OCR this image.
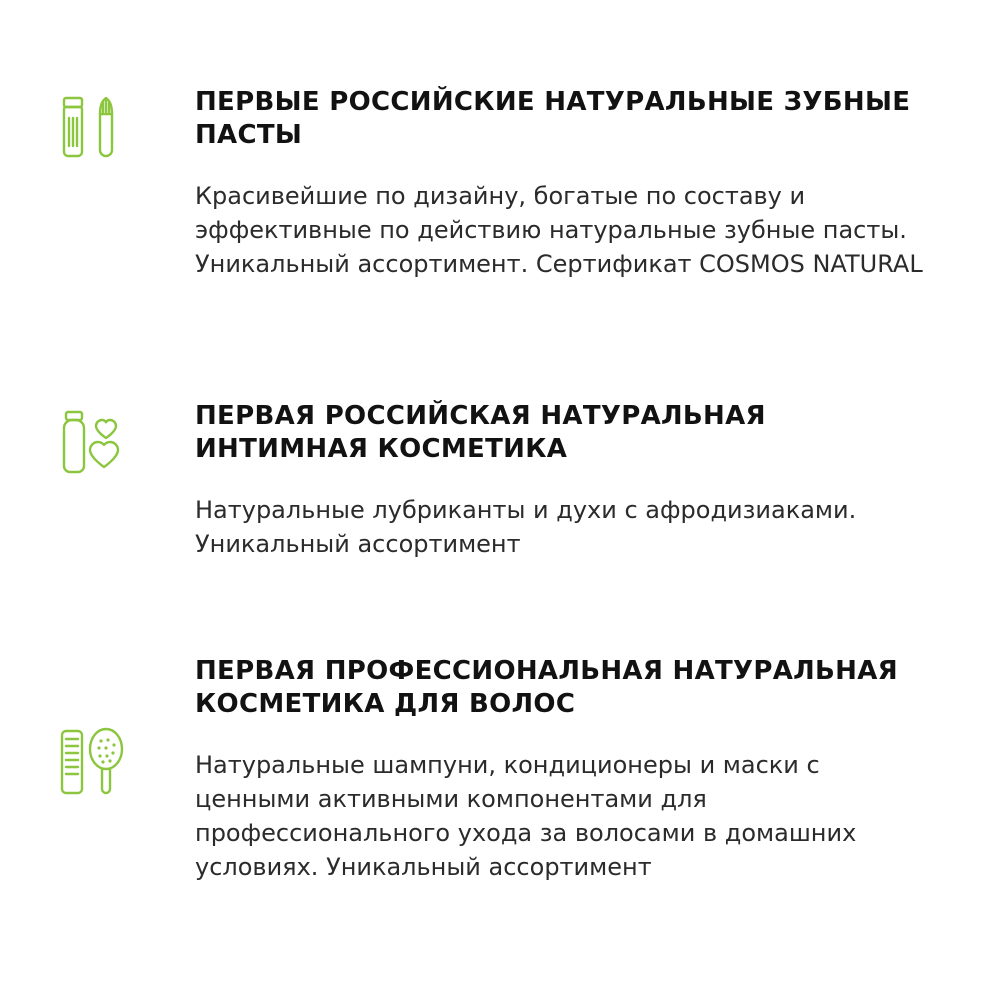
ПЕРВЫЕ РОССИЙСКИЕ НАТУРАЛЬНЫЕ ЗУБНЫЕ ПАСТЫ

Красивейшие по дизайну, богатые по составу и эффективные по действию натуральные зубные пасты. Уникальный ассортимент. Сертификат COSMOS NATURAL

ПЕРВАЯ РОССИЙСКАЯ НАТУРАЛЬНАЯ ИНТИМНАЯ КОСМЕТИКА

Натуральные лубриканты и духи с афродизиаками. Уникальный ассортимент

ПЕРВАЯ ПРОФЕССИОНАЛЬНАЯ НАТУРАЛЬНАЯ КОСМЕТИКА ДЛЯ ВОЛОС

Натуральные шампуни, кондиционеры и маски с ценными активными компонентами для профессионального ухода за волосами в домашних условиях. Уникальный ассортимент
